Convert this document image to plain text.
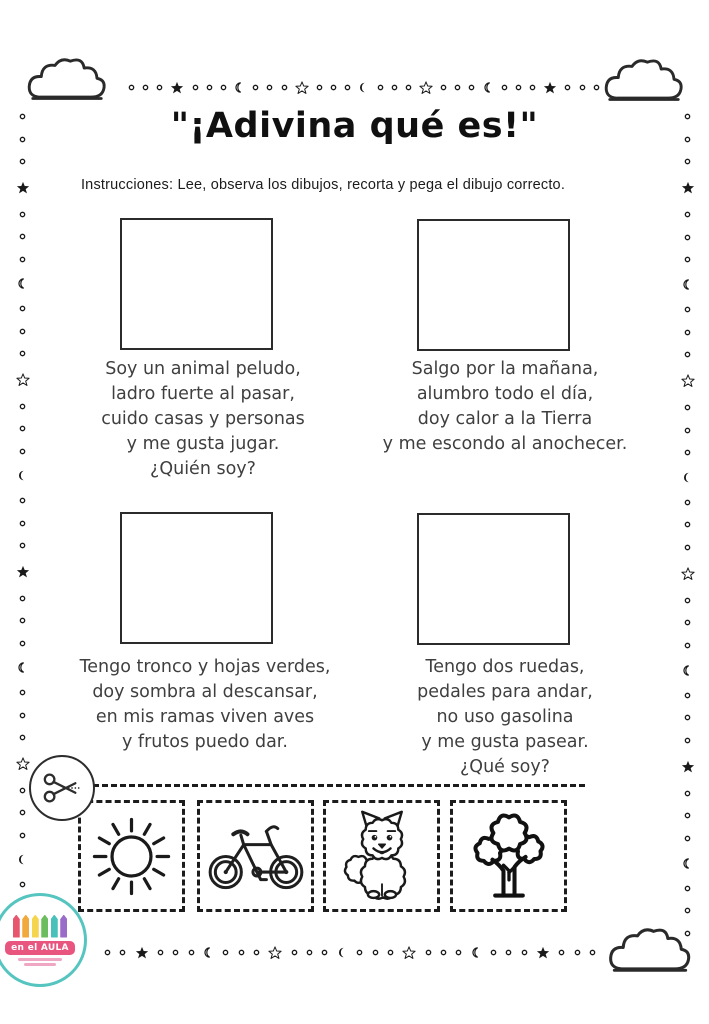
"¡Adivina qué es!"

Instrucciones: Lee, observa los dibujos, recorta y pega el dibujo correcto.

Soy un animal peludo,
ladro fuerte al pasar,
cuido casas y personas
y me gusta jugar.
¿Quién soy?
Salgo por la mañana,
alumbro todo el día,
doy calor a la Tierra
y me escondo al anochecer.
Tengo tronco y hojas verdes,
doy sombra al descansar,
en mis ramas viven aves
y frutos puedo dar.
Tengo dos ruedas,
pedales para andar,
no uso gasolina
y me gusta pasear.
¿Qué soy?
en el AULA
